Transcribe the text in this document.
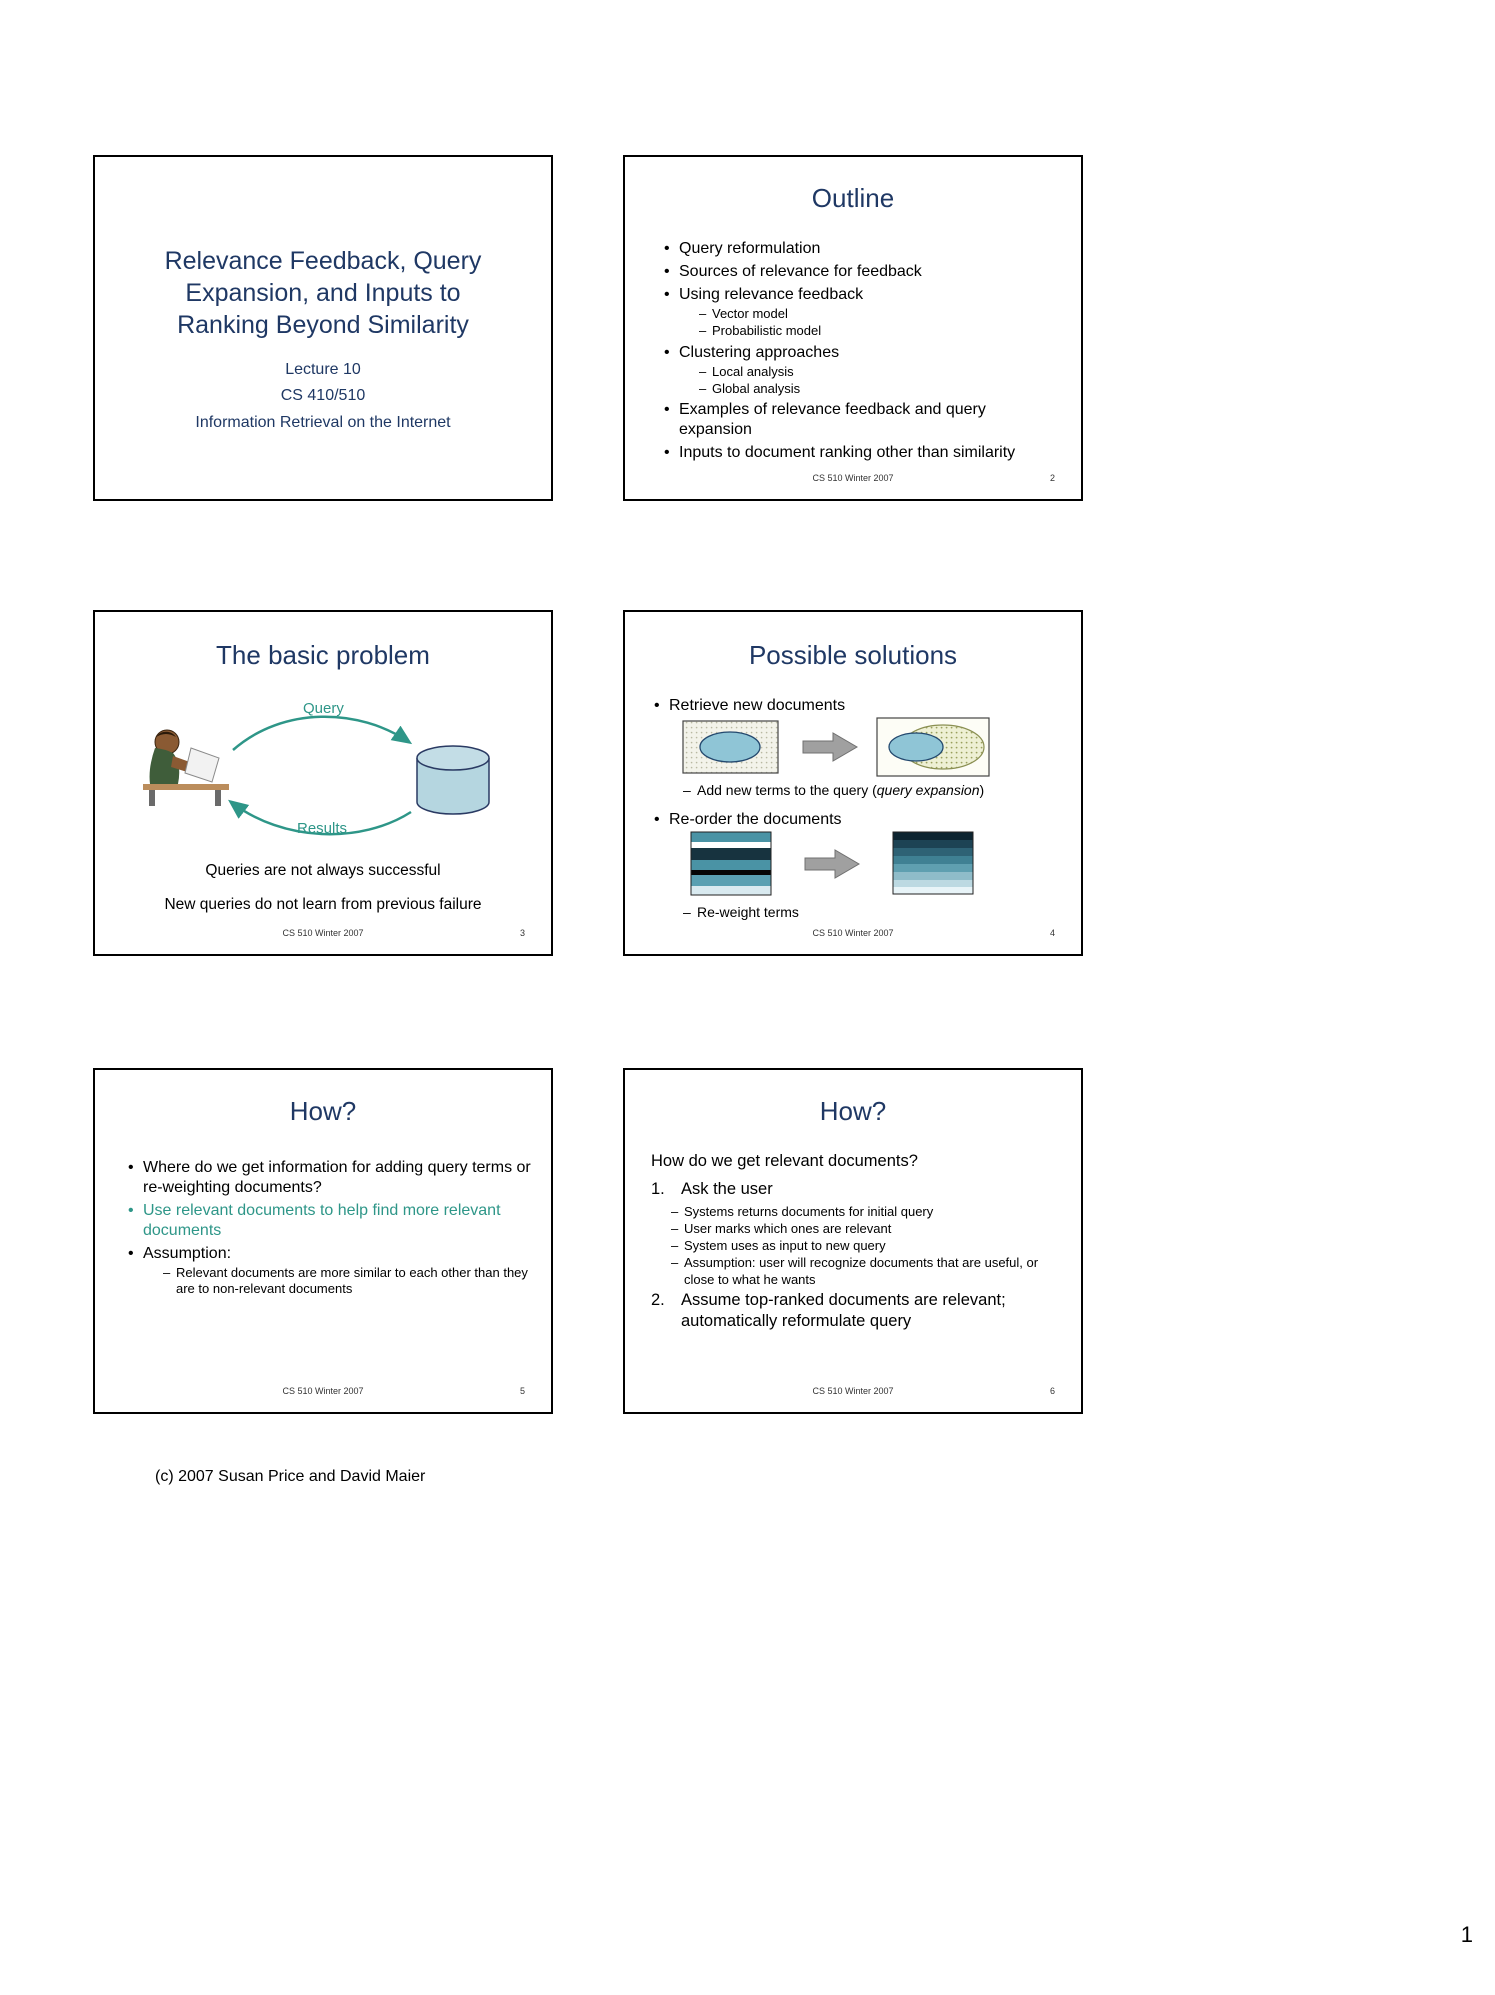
Relevance Feedback, Query Expansion, and Inputs to Ranking Beyond Similarity
Lecture 10
CS 410/510
Information Retrieval on the Internet
Outline
• Query reformulation
• Sources of relevance for feedback
• Using relevance feedback
– Vector model
– Probabilistic model
• Clustering approaches
– Local analysis
– Global analysis
• Examples of relevance feedback and query expansion
• Inputs to document ranking other than similarity
CS 510 Winter 2007	2
The basic problem
Query
Results
Queries are not always successful
New queries do not learn from previous failure
CS 510 Winter 2007	3
Possible solutions
• Retrieve new documents
– Add new terms to the query (query expansion)
• Re-order the documents
– Re-weight terms
CS 510 Winter 2007	4
How?
• Where do we get information for adding query terms or re-weighting documents?
• Use relevant documents to help find more relevant documents
• Assumption:
– Relevant documents are more similar to each other than they are to non-relevant documents
CS 510 Winter 2007	5
How?
How do we get relevant documents?
1. Ask the user
– Systems returns documents for initial query
– User marks which ones are relevant
– System uses as input to new query
– Assumption: user will recognize documents that are useful, or close to what he wants
2. Assume top-ranked documents are relevant; automatically reformulate query
CS 510 Winter 2007	6
(c) 2007 Susan Price and David Maier
1
